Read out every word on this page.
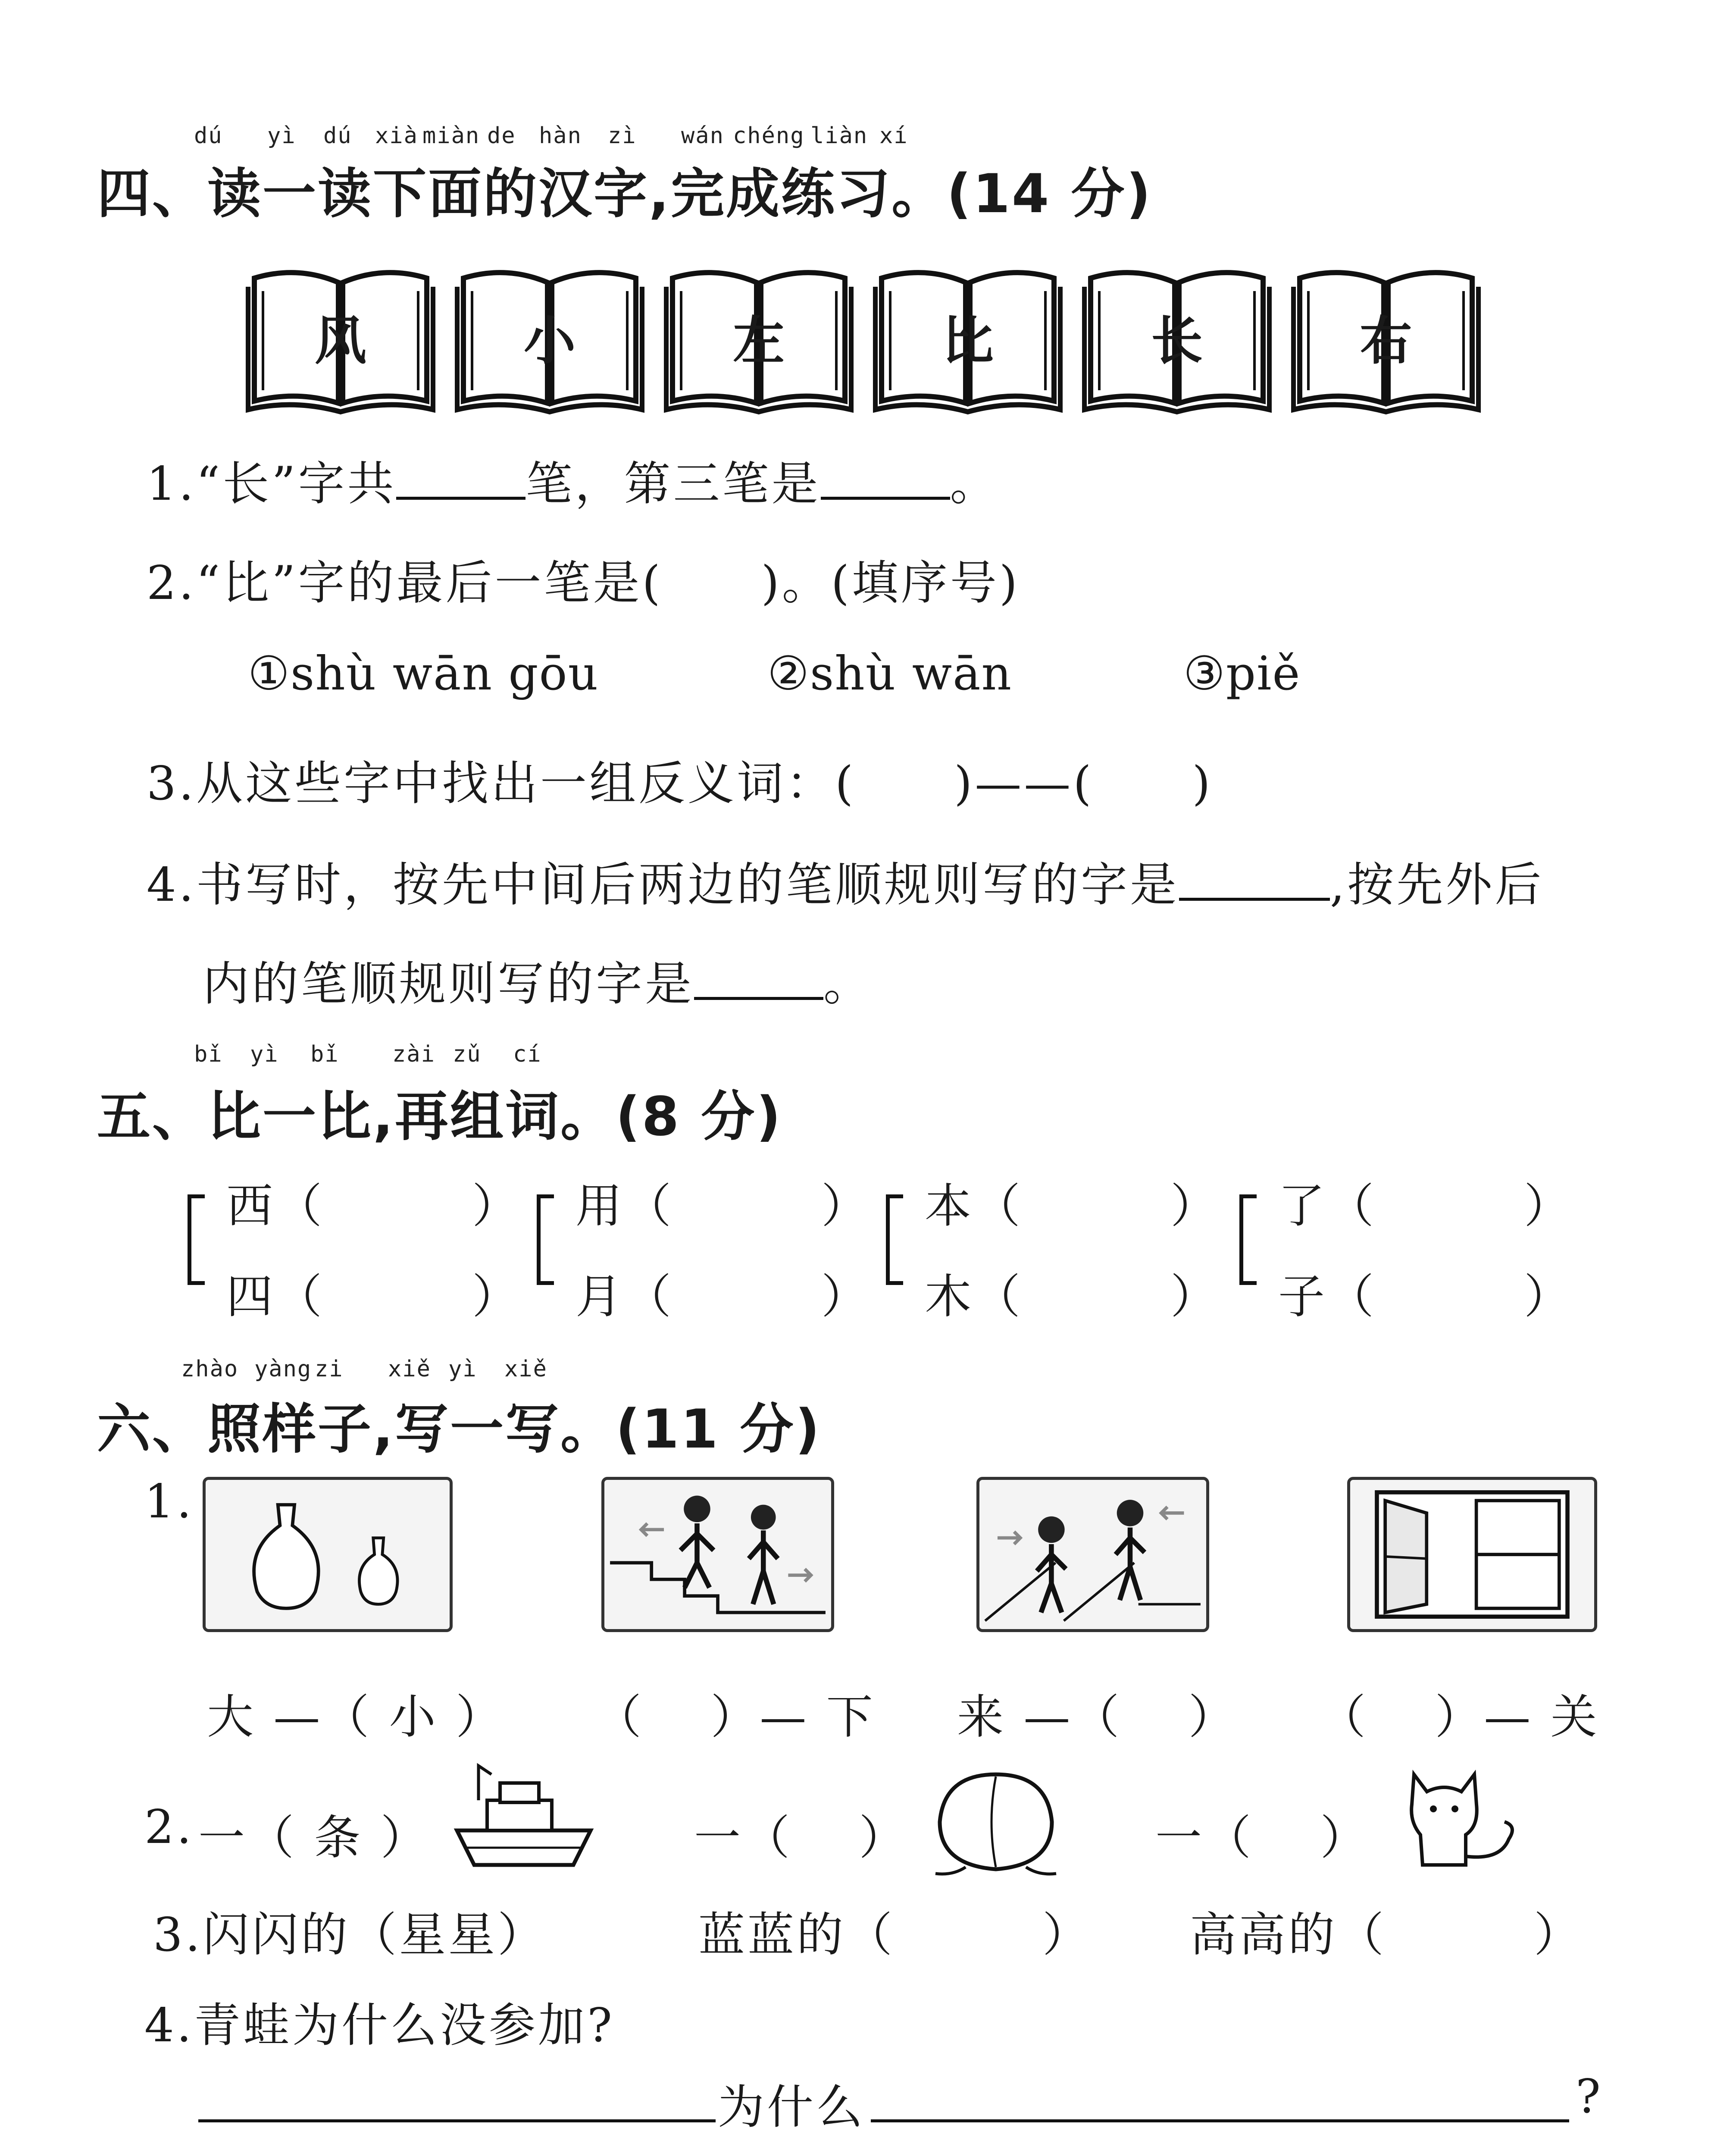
dú yì dú xià miàn de hàn zì wán chéng liàn xí
四、读一读下面的汉字,完成练习。(14 分)
风	小	左	比	长	右
1.“长”字共	笔，第三笔是	。
2.“比”字的最后一笔是(　　)。(填序号)
①shù wān gōu	②shù wān	③piě
3.从这些字中找出一组反义词：(　　)——(　　)
4.书写时，按先中间后两边的笔顺规则写的字是	,按先外后
内的笔顺规则写的字是	。
bǐ yì bǐ zài zǔ cí
五、比一比,再组词。(8 分)
西（　　　）
四（　　　）
用（　　　）
月（　　　）
本（　　　）
木（　　　）
了（　　　）
子（　　　）
zhào yàng zi xiě yì xiě
六、照样子,写一写。(11 分)
1.
大 —（ 小 ） （　 ）— 下 来 —（　 ） （　 ）— 关
2. 一（ 条 ）	一（　 ）	一（　 ）
3.闪闪的（星星）	蓝蓝的（　　　） 高高的（　　　）
4.青蛙为什么没参加?
为什么	?
